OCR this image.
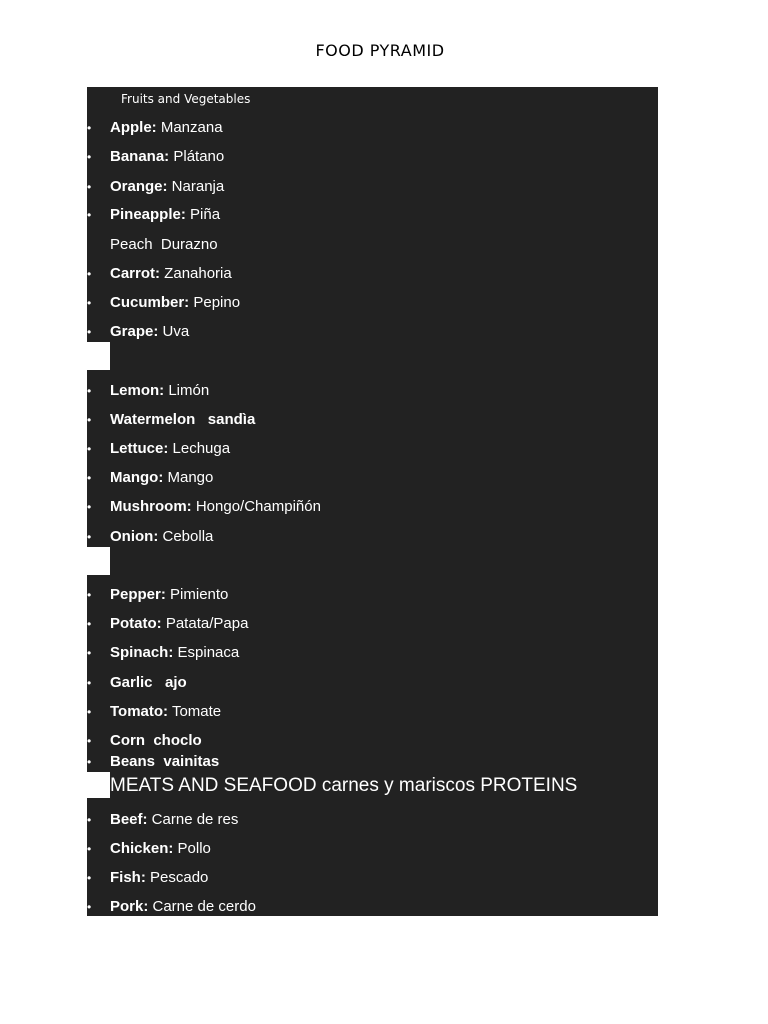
FOOD PYRAMID
Fruits and Vegetables
• Apple: Manzana
• Banana: Plátano
• Orange: Naranja
• Pineapple: Piña
Peach  Durazno
• Carrot: Zanahoria
• Cucumber: Pepino
• Grape: Uva
• Lemon: Limón
• Watermelon   sandìa
• Lettuce: Lechuga
• Mango: Mango
• Mushroom: Hongo/Champiñón
• Onion: Cebolla
• Pepper: Pimiento
• Potato: Patata/Papa
• Spinach: Espinaca
• Garlic   ajo
• Tomato: Tomate
• Corn  choclo
• Beans  vainitas
MEATS AND SEAFOOD carnes y mariscos PROTEINS
• Beef: Carne de res
• Chicken: Pollo
• Fish: Pescado
• Pork: Carne de cerdo
